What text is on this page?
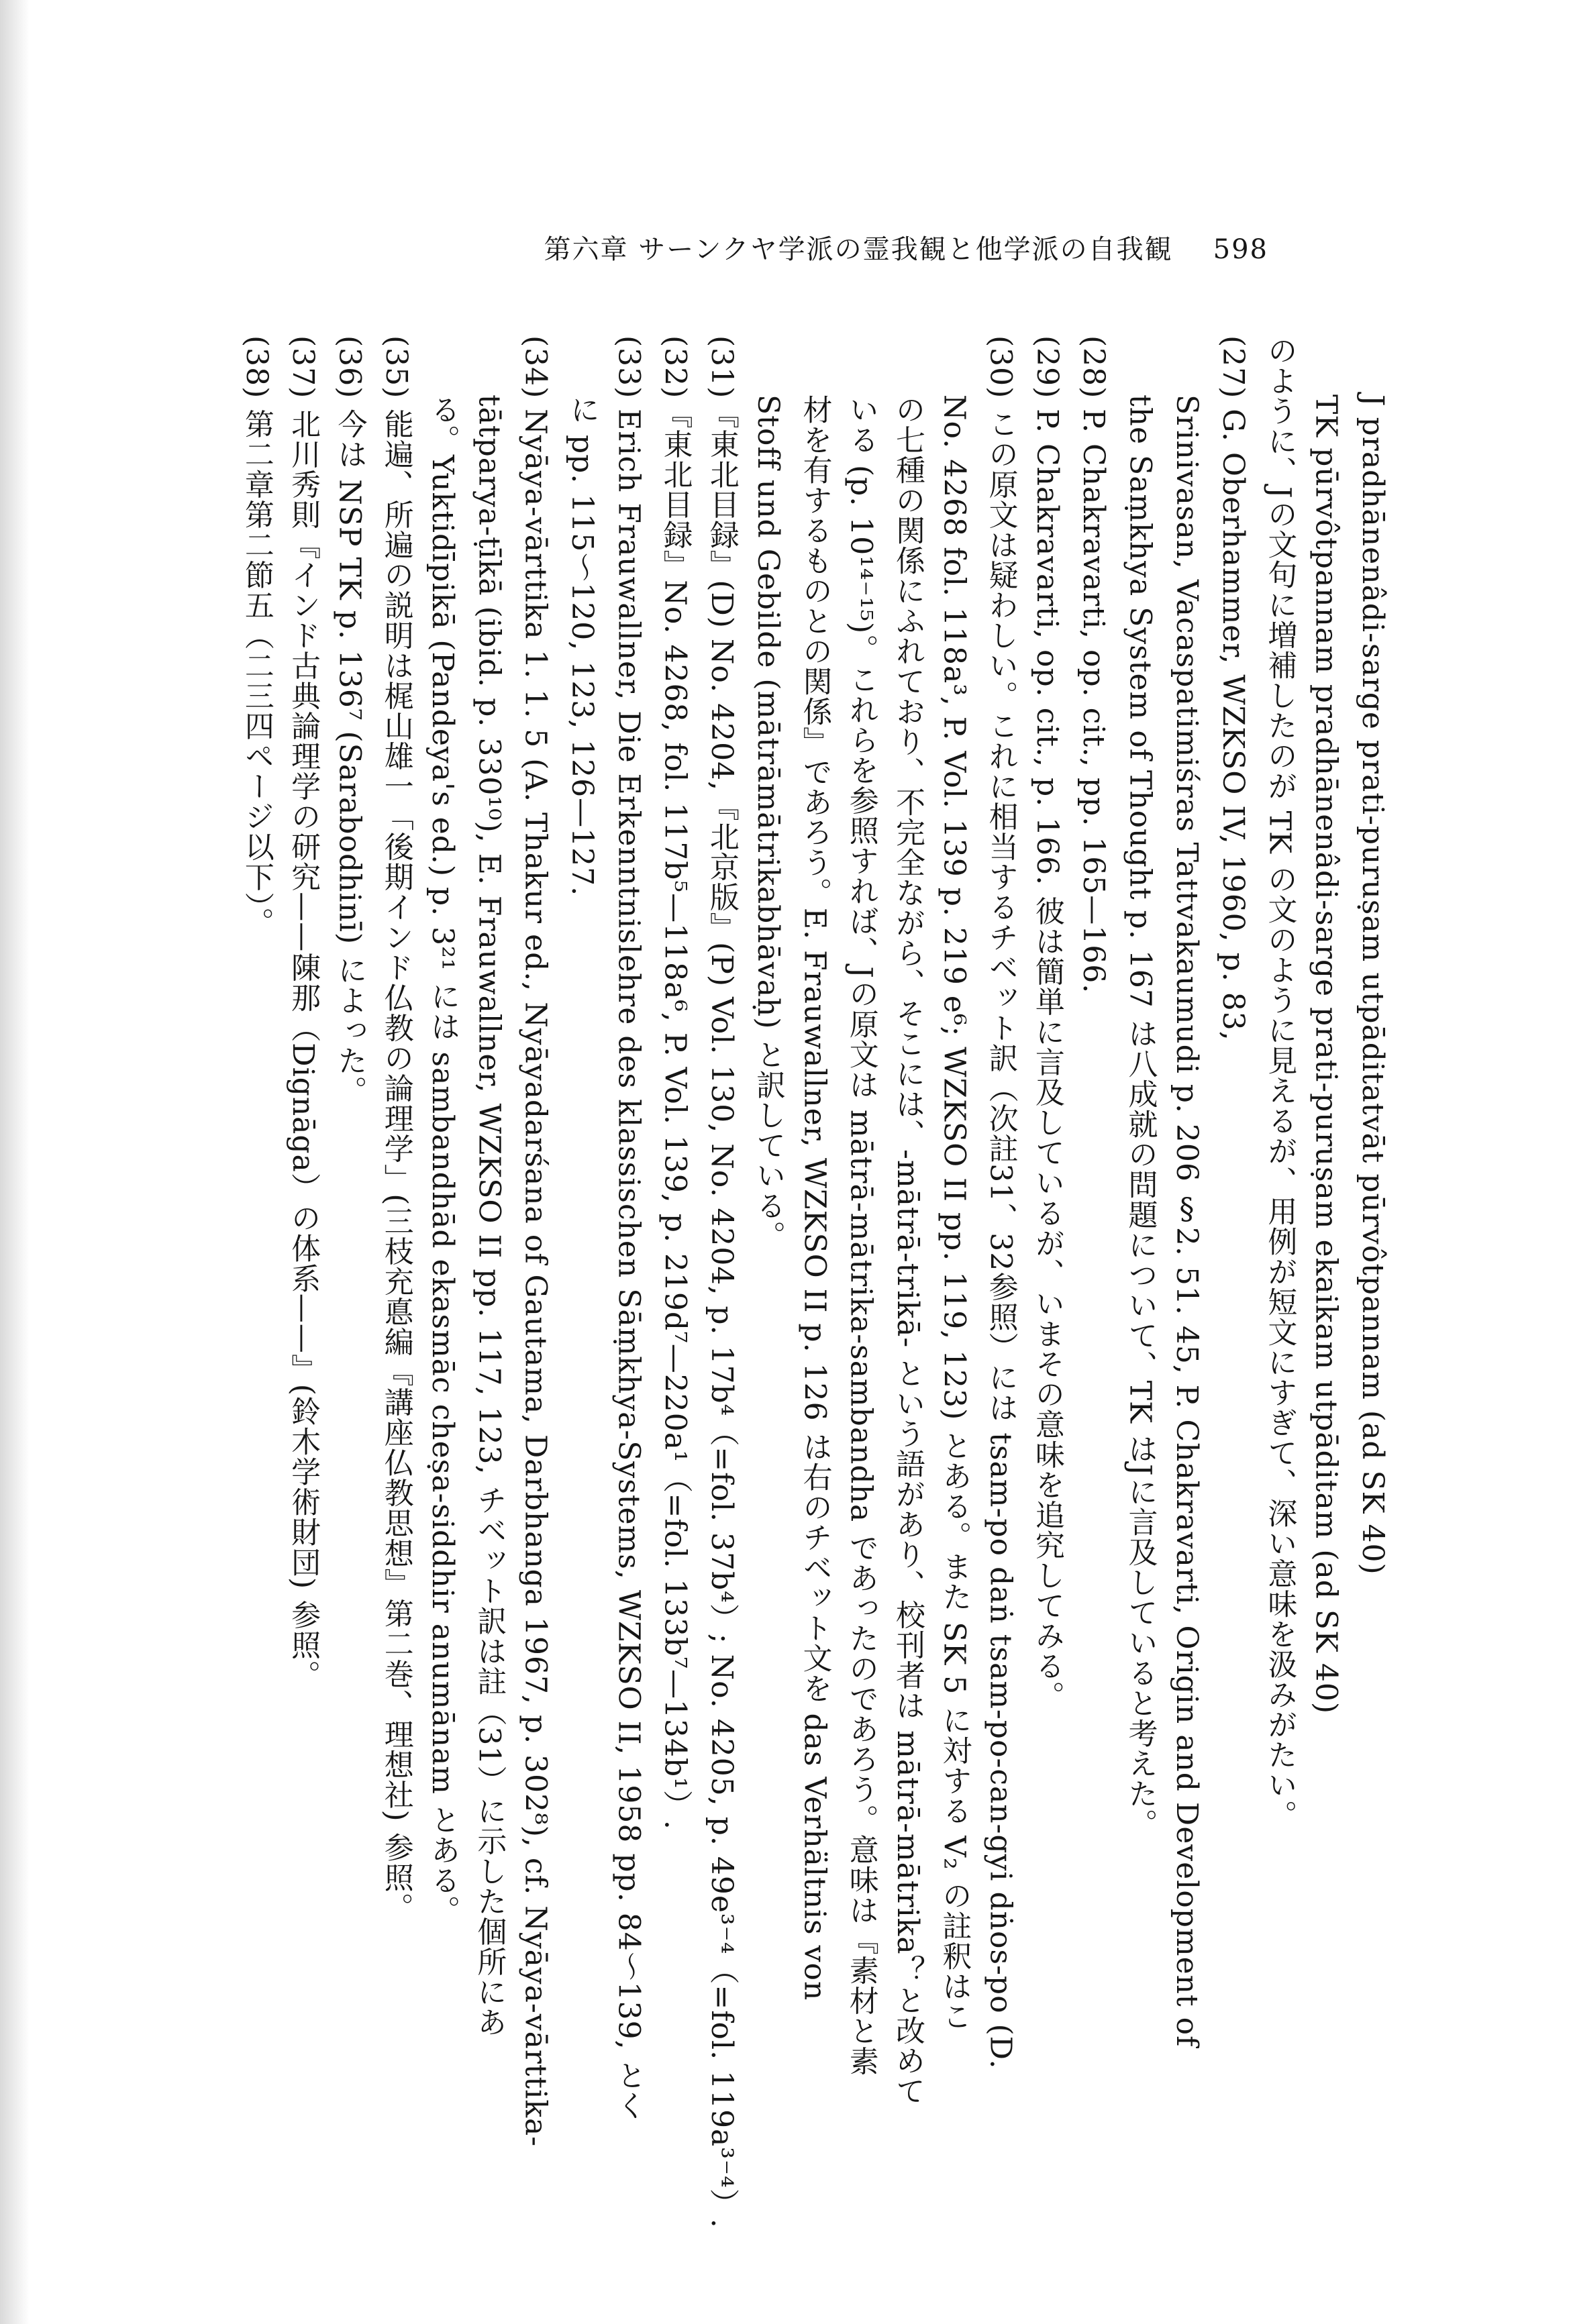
第六章 サーンクヤ学派の霊我観と他学派の自我観 598
J pradhānenâdi-sarge prati-puruṣam utpāditatvāt pūrvôtpannam (ad SK 40)
TK pūrvôtpannam pradhānenâdi-sarge prati-puruṣam ekaikam utpāditam (ad SK 40)
のように、Jの文句に増補したのが TK の文のように見えるが、用例が短文にすぎて、深い意味を汲みがたい。
(27) G. Oberhammer, WZKSO IV, 1960, p. 83,
Srinivasan, Vacaspatimiśras Tattvakaumudi p. 206 §2. 51. 45, P. Chakravarti, Origin and Development of
the Saṃkhya System of Thought p. 167 は八成就の問題について、TK はJに言及していると考えた。
(28) P. Chakravarti, op. cit., pp. 165—166.
(29) P. Chakravarti, op. cit., p. 166. 彼は簡単に言及しているが、いまその意味を追究してみる。
(30) この原文は疑わしい。これに相当するチベット訳（次註31、32参照）には tsam-po daṅ tsam-po-can-gyi dṅos-po (D.
No. 4268 fol. 118a³, P. Vol. 139 p. 219 e⁶; WZKSO II pp. 119, 123) とある。また SK 5 に対する V₂ の註釈はこ
の七種の関係にふれており、不完全ながら、そこには、-mātrā-trikā- という語があり、校刊者は mātrā-mātrika？と改めて
いる (p. 10¹⁴⁻¹⁵)。これらを参照すれば、Jの原文は mātrā-mātrika-sambandha であったのであろう。意味は『素材と素
材を有するものとの関係』であろう。E. Frauwallner, WZKSO II p. 126 は右のチベット文を das Verhältnis von
Stoff und Gebilde (mātrāmātrikabhāvaḥ) と訳している。
(31)『東北目録』(D) No. 4204,『北京版』(P) Vol. 130, No. 4204, p. 17b⁴（=fol. 37b⁴）; No. 4205, p. 49e³⁻⁴（=fol. 119a³⁻⁴）.
(32)『東北目録』No. 4268, fol. 117b⁵—118a⁶, P. Vol. 139, p. 219d⁷—220a¹（=fol. 133b⁷—134b¹）.
(33) Erich Frauwallner, Die Erkenntnislehre des klassischen Sāṃkhya-Systems, WZKSO II, 1958 pp. 84〜139, とく
に pp. 115〜120, 123, 126—127.
(34) Nyāya-vārttika 1. 1. 5 (A. Thakur ed., Nyāyadarśana of Gautama, Darbhanga 1967, p. 302⁸), cf. Nyāya-vārttika-
tātparya-ṭīkā (ibid. p. 330¹⁰), E. Frauwallner, WZKSO II pp. 117, 123, チベット訳は註（31）に示した個所にあ
る。Yuktidīpikā (Pandeya's ed.) p. 3²¹ には sambandhād ekasmāc cheṣa-siddhir anumānam とある。
(35) 能遍、所遍の説明は梶山雄一「後期インド仏教の論理学」(三枝充悳編『講座仏教思想』第二巻、理想社) 参照。
(36) 今は NSP TK p. 136⁷ (Sarabodhinī) によった。
(37) 北川秀則『インド古典論理学の研究——陳那（Dignāga）の体系——』(鈴木学術財団) 参照。
(38) 第二章第二節五（二三四ページ以下）。
